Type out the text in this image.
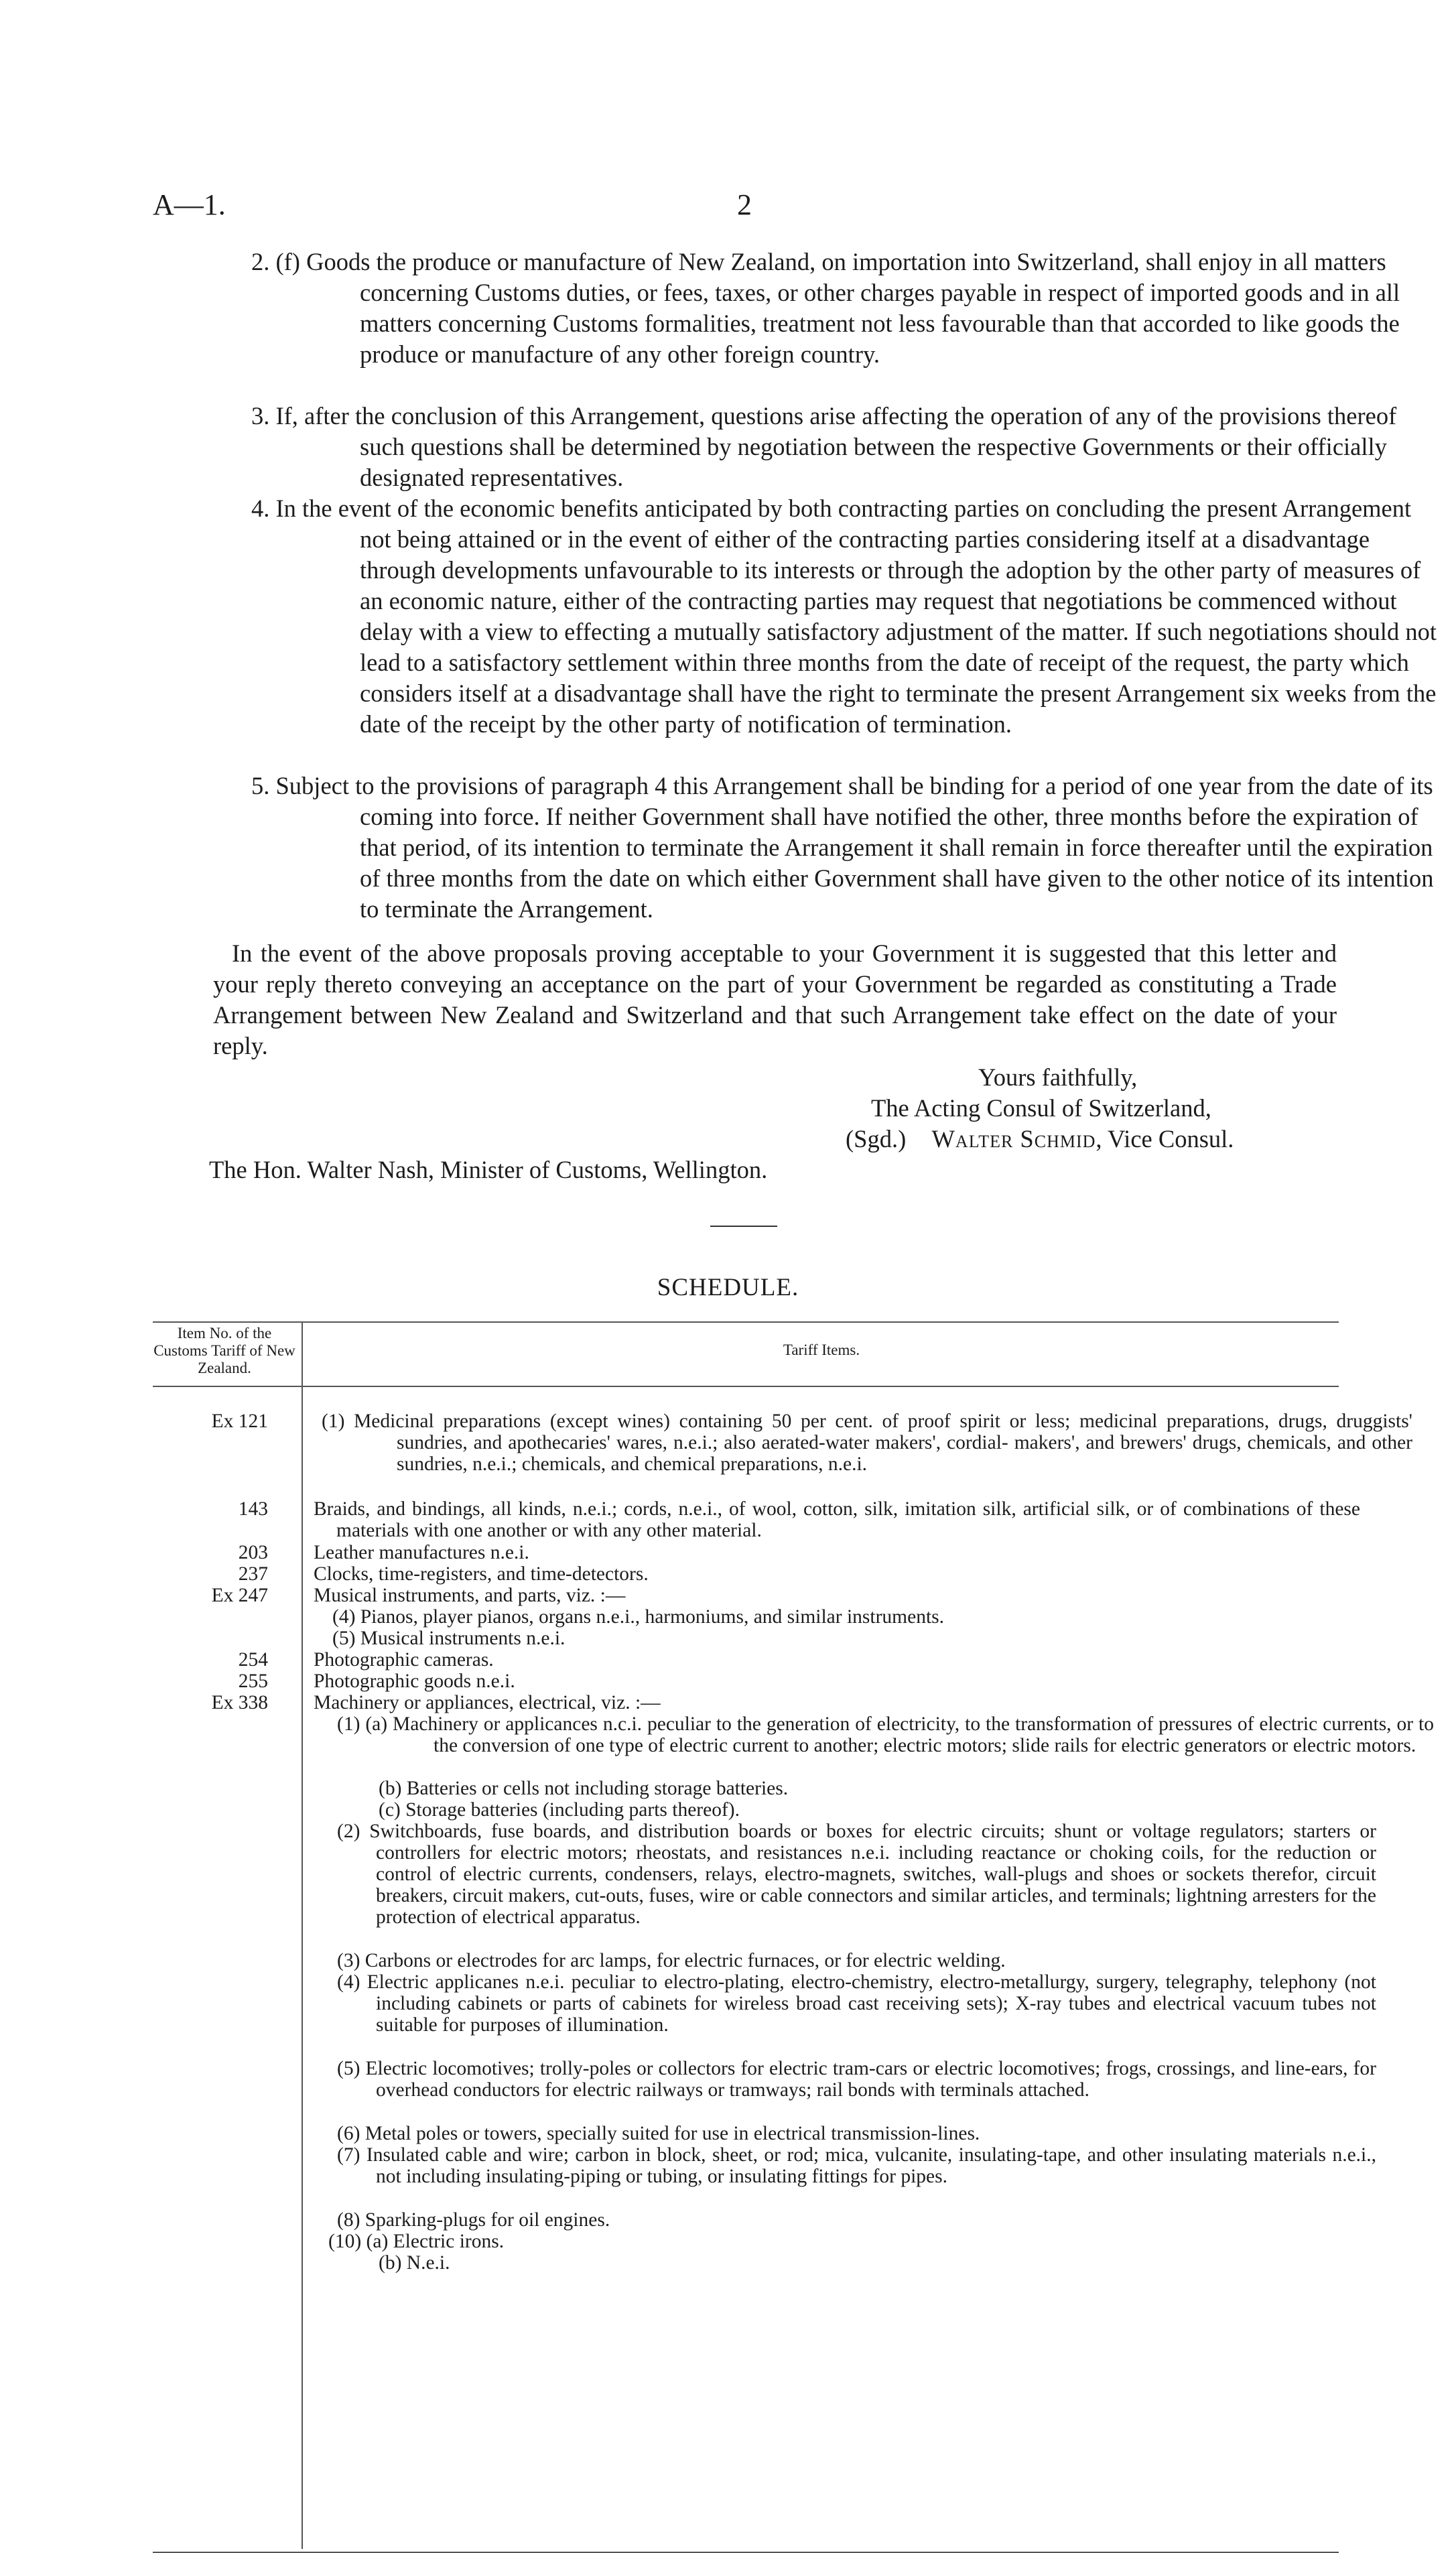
A—1.	2
2. (f) Goods the produce or manufacture of New Zealand, on importation into Switzerland, shall enjoy in all matters concerning Customs duties, or fees, taxes, or other charges payable in respect of imported goods and in all matters concerning Customs formalities, treatment not less favourable than that accorded to like goods the produce or manufacture of any other foreign country.
3. If, after the conclusion of this Arrangement, questions arise affecting the operation of any of the provisions thereof such questions shall be determined by negotiation between the respective Governments or their officially designated representatives.
4. In the event of the economic benefits anticipated by both contracting parties on concluding the present Arrangement not being attained or in the event of either of the contracting parties considering itself at a disadvantage through developments unfavourable to its interests or through the adoption by the other party of measures of an economic nature, either of the contracting parties may request that negotiations be commenced without delay with a view to effecting a mutually satisfactory adjustment of the matter. If such negotiations should not lead to a satisfactory settlement within three months from the date of receipt of the request, the party which considers itself at a disadvantage shall have the right to terminate the present Arrangement six weeks from the date of the receipt by the other party of notification of termination.
5. Subject to the provisions of paragraph 4 this Arrangement shall be binding for a period of one year from the date of its coming into force. If neither Government shall have notified the other, three months before the expiration of that period, of its intention to terminate the Arrangement it shall remain in force thereafter until the expiration of three months from the date on which either Government shall have given to the other notice of its intention to terminate the Arrangement.
In the event of the above proposals proving acceptable to your Government it is suggested that this letter and your reply thereto conveying an acceptance on the part of your Government be regarded as constituting a Trade Arrangement between New Zealand and Switzerland and that such Arrangement take effect on the date of your reply.
Yours faithfully,
The Acting Consul of Switzerland,
(Sgd.) Walter Schmid, Vice Consul.
The Hon. Walter Nash, Minister of Customs, Wellington.
SCHEDULE.
Item No. of the Customs Tariff of New Zealand.
Tariff Items.
Ex 121	(1) Medicinal preparations (except wines) containing 50 per cent. of proof spirit or less; medicinal preparations, drugs, druggists' sundries, and apothecaries' wares, n.e.i.; also aerated-water makers', cordial- makers', and brewers' drugs, chemicals, and other sundries, n.e.i.; chemicals, and chemical preparations, n.e.i.
143 Braids, and bindings, all kinds, n.e.i.; cords, n.e.i., of wool, cotton, silk, imitation silk, artificial silk, or of combinations of these materials with one another or with any other material.
203 Leather manufactures n.e.i.
237 Clocks, time-registers, and time-detectors.
Ex 247 Musical instruments, and parts, viz. :—
(4) Pianos, player pianos, organs n.e.i., harmoniums, and similar instruments.
(5) Musical instruments n.e.i.
254 Photographic cameras.
255 Photographic goods n.e.i.
Ex 338 Machinery or appliances, electrical, viz. :—
(1) (a) Machinery or applicances n.c.i. peculiar to the generation of electricity, to the transformation of pressures of electric currents, or to the conversion of one type of electric current to another; electric motors; slide rails for electric generators or electric motors.
(b) Batteries or cells not including storage batteries.
(c) Storage batteries (including parts thereof).
(2) Switchboards, fuse boards, and distribution boards or boxes for electric circuits; shunt or voltage regulators; starters or controllers for electric motors; rheostats, and resistances n.e.i. including reactance or choking coils, for the reduction or control of electric currents, condensers, relays, electro-magnets, switches, wall-plugs and shoes or sockets therefor, circuit breakers, circuit makers, cut-outs, fuses, wire or cable connectors and similar articles, and terminals; lightning arresters for the protection of electrical apparatus.
(3) Carbons or electrodes for arc lamps, for electric furnaces, or for electric welding.
(4) Electric applicanes n.e.i. peculiar to electro-plating, electro-chemistry, electro-metallurgy, surgery, telegraphy, telephony (not including cabinets or parts of cabinets for wireless broad cast receiving sets); X-ray tubes and electrical vacuum tubes not suitable for purposes of illumination.
(5) Electric locomotives; trolly-poles or collectors for electric tram-cars or electric locomotives; frogs, crossings, and line-ears, for overhead conductors for electric railways or tramways; rail bonds with terminals attached.
(6) Metal poles or towers, specially suited for use in electrical transmission-lines.
(7) Insulated cable and wire; carbon in block, sheet, or rod; mica, vulcanite, insulating-tape, and other insulating materials n.e.i., not including insulating-piping or tubing, or insulating fittings for pipes.
(8) Sparking-plugs for oil engines.
(10) (a) Electric irons.
(b) N.e.i.
